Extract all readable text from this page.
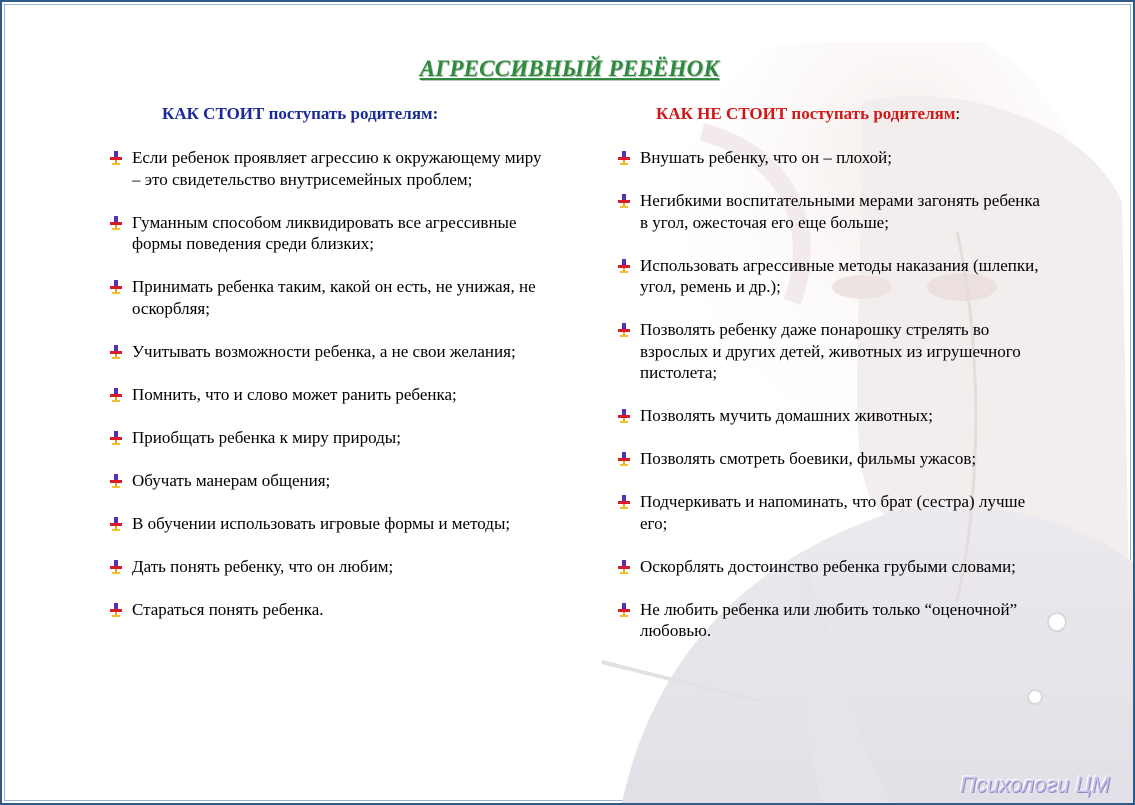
АГРЕССИВНЫЙ РЕБЁНОК
КАК СТОИТ поступать родителям:	КАК НЕ СТОИТ поступать родителям:
Если ребенок проявляет агрессию к окружающему миру – это свидетельство внутрисемейных проблем;
Гуманным способом ликвидировать все агрессивные формы поведения среди близких;
Принимать ребенка таким, какой он есть, не унижая, не оскорбляя;
Учитывать возможности ребенка, а не свои желания;
Помнить, что и слово может ранить ребенка;
Приобщать ребенка к миру природы;
Обучать манерам общения;
В обучении использовать игровые формы и методы;
Дать понять ребенку, что он любим;
Стараться понять ребенка.
Внушать ребенку, что он – плохой;
Негибкими воспитательными мерами загонять ребенка в угол, ожесточая его еще больше;
Использовать агрессивные методы наказания (шлепки, угол, ремень и др.);
Позволять ребенку даже понарошку стрелять во взрослых и других детей, животных из игрушечного пистолета;
Позволять мучить домашних животных;
Позволять смотреть боевики, фильмы ужасов;
Подчеркивать и напоминать, что брат (сестра) лучше его;
Оскорблять достоинство ребенка грубыми словами;
Не любить ребенка или любить только “оценочной” любовью.
Психологи ЦМ
